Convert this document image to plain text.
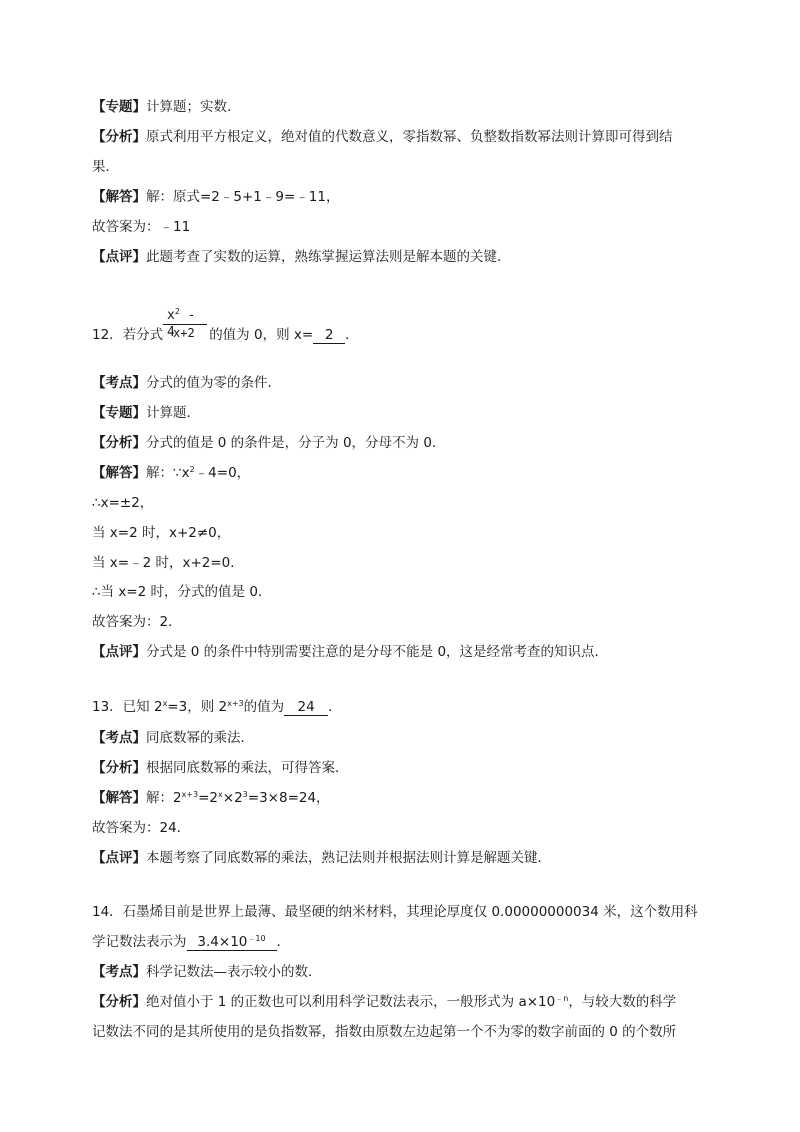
【专题】计算题；实数．
【分析】原式利用平方根定义，绝对值的代数意义，零指数幂、负整数指数幂法则计算即可得到结
果．
【解答】解：原式=2﹣5+1﹣9=﹣11，
故答案为：﹣11
【点评】此题考查了实数的运算，熟练掌握运算法则是解本题的关键．
$x^2 - 4$
x+2
12．若分式	的值为 0，则 x= 2 ．
【考点】分式的值为零的条件．
【专题】计算题．
【分析】分式的值是 0 的条件是，分子为 0，分母不为 0．
【解答】解：$\because x^2﹣4=0$，
∴x=±2，
当 x=2 时，x+2≠0，
当 x=﹣2 时，x+2=0．
∴当 x=2 时，分式的值是 0．
故答案为：2．
【点评】分式是 0 的条件中特别需要注意的是分母不能是 0，这是经常考查的知识点．
13．已知 $2^x=3$，则 $2^{x+3}$的值为 24 ．
【考点】同底数幂的乘法．
【分析】根据同底数幂的乘法，可得答案．
【解答】解：$2^{x+3}=2^x\times 2^3=3\times 8=24$，
故答案为：24．
【点评】本题考察了同底数幂的乘法，熟记法则并根据法则计算是解题关键．
14．石墨烯目前是世界上最薄、最坚硬的纳米材料，其理论厚度仅 0.00000000034 米，这个数用科
学记数法表示为 $3.4\times 10^{﹣10}$ ．
【考点】科学记数法—表示较小的数．
【分析】绝对值小于 1 的正数也可以利用科学记数法表示，一般形式为 $a\times 10^{﹣n}$，与较大数的科学
记数法不同的是其所使用的是负指数幂，指数由原数左边起第一个不为零的数字前面的 0 的个数所
